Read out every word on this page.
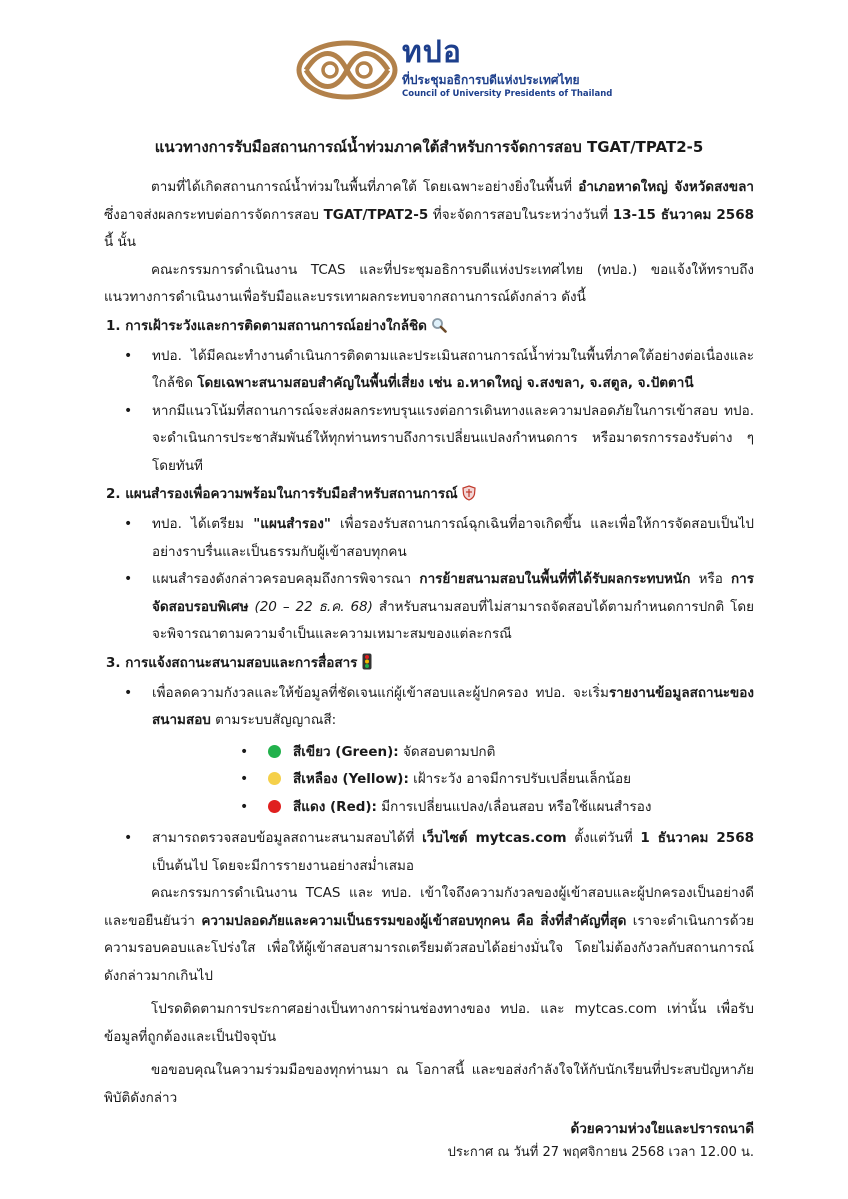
ทปอ
ที่ประชุมอธิการบดีแห่งประเทศไทย
Council of University Presidents of Thailand
แนวทางการรับมือสถานการณ์น้ำท่วมภาคใต้สำหรับการจัดการสอบ TGAT/TPAT2-5

ตามที่ได้เกิดสถานการณ์น้ำท่วมในพื้นที่ภาคใต้ โดยเฉพาะอย่างยิ่งในพื้นที่ อำเภอหาดใหญ่ จังหวัดสงขลา ซึ่งอาจส่งผลกระทบต่อการจัดการสอบ TGAT/TPAT2-5 ที่จะจัดการสอบในระหว่างวันที่ 13-15 ธันวาคม 2568 นี้ นั้น

คณะกรรมการดำเนินงาน TCAS และที่ประชุมอธิการบดีแห่งประเทศไทย (ทปอ.) ขอแจ้งให้ทราบถึงแนวทางการดำเนินงานเพื่อรับมือและบรรเทาผลกระทบจากสถานการณ์ดังกล่าว ดังนี้

1. การเฝ้าระวังและการติดตามสถานการณ์อย่างใกล้ชิด
• ทปอ. ได้มีคณะทำงานดำเนินการติดตามและประเมินสถานการณ์น้ำท่วมในพื้นที่ภาคใต้อย่างต่อเนื่องและใกล้ชิด โดยเฉพาะสนามสอบสำคัญในพื้นที่เสี่ยง เช่น อ.หาดใหญ่ จ.สงขลา, จ.สตูล, จ.ปัตตานี
• หากมีแนวโน้มที่สถานการณ์จะส่งผลกระทบรุนแรงต่อการเดินทางและความปลอดภัยในการเข้าสอบ ทปอ. จะดำเนินการประชาสัมพันธ์ให้ทุกท่านทราบถึงการเปลี่ยนแปลงกำหนดการ หรือมาตรการรองรับต่าง ๆ โดยทันที
2. แผนสำรองเพื่อความพร้อมในการรับมือสำหรับสถานการณ์
• ทปอ. ได้เตรียม "แผนสำรอง" เพื่อรองรับสถานการณ์ฉุกเฉินที่อาจเกิดขึ้น และเพื่อให้การจัดสอบเป็นไปอย่างราบรื่นและเป็นธรรมกับผู้เข้าสอบทุกคน
• แผนสำรองดังกล่าวครอบคลุมถึงการพิจารณา การย้ายสนามสอบในพื้นที่ที่ได้รับผลกระทบหนัก หรือ การจัดสอบรอบพิเศษ (20 – 22 ธ.ค. 68) สำหรับสนามสอบที่ไม่สามารถจัดสอบได้ตามกำหนดการปกติ โดยจะพิจารณาตามความจำเป็นและความเหมาะสมของแต่ละกรณี
3. การแจ้งสถานะสนามสอบและการสื่อสาร
• เพื่อลดความกังวลและให้ข้อมูลที่ชัดเจนแก่ผู้เข้าสอบและผู้ปกครอง ทปอ. จะเริ่มรายงานข้อมูลสถานะของสนามสอบ ตามระบบสัญญาณสี:
• สีเขียว (Green): จัดสอบตามปกติ
• สีเหลือง (Yellow): เฝ้าระวัง อาจมีการปรับเปลี่ยนเล็กน้อย
• สีแดง (Red): มีการเปลี่ยนแปลง/เลื่อนสอบ หรือใช้แผนสำรอง
• สามารถตรวจสอบข้อมูลสถานะสนามสอบได้ที่ เว็บไซต์ mytcas.com ตั้งแต่วันที่ 1 ธันวาคม 2568 เป็นต้นไป โดยจะมีการรายงานอย่างสม่ำเสมอ

คณะกรรมการดำเนินงาน TCAS และ ทปอ. เข้าใจถึงความกังวลของผู้เข้าสอบและผู้ปกครองเป็นอย่างดี และขอยืนยันว่า ความปลอดภัยและความเป็นธรรมของผู้เข้าสอบทุกคน คือ สิ่งที่สำคัญที่สุด เราจะดำเนินการด้วยความรอบคอบและโปร่งใส เพื่อให้ผู้เข้าสอบสามารถเตรียมตัวสอบได้อย่างมั่นใจ โดยไม่ต้องกังวลกับสถานการณ์ดังกล่าวมากเกินไป

โปรดติดตามการประกาศอย่างเป็นทางการผ่านช่องทางของ ทปอ. และ mytcas.com เท่านั้น เพื่อรับข้อมูลที่ถูกต้องและเป็นปัจจุบัน

ขอขอบคุณในความร่วมมือของทุกท่านมา ณ โอกาสนี้ และขอส่งกำลังใจให้กับนักเรียนที่ประสบปัญหาภัยพิบัติดังกล่าว

ด้วยความห่วงใยและปรารถนาดี
ประกาศ ณ วันที่ 27 พฤศจิกายน 2568 เวลา 12.00 น.
